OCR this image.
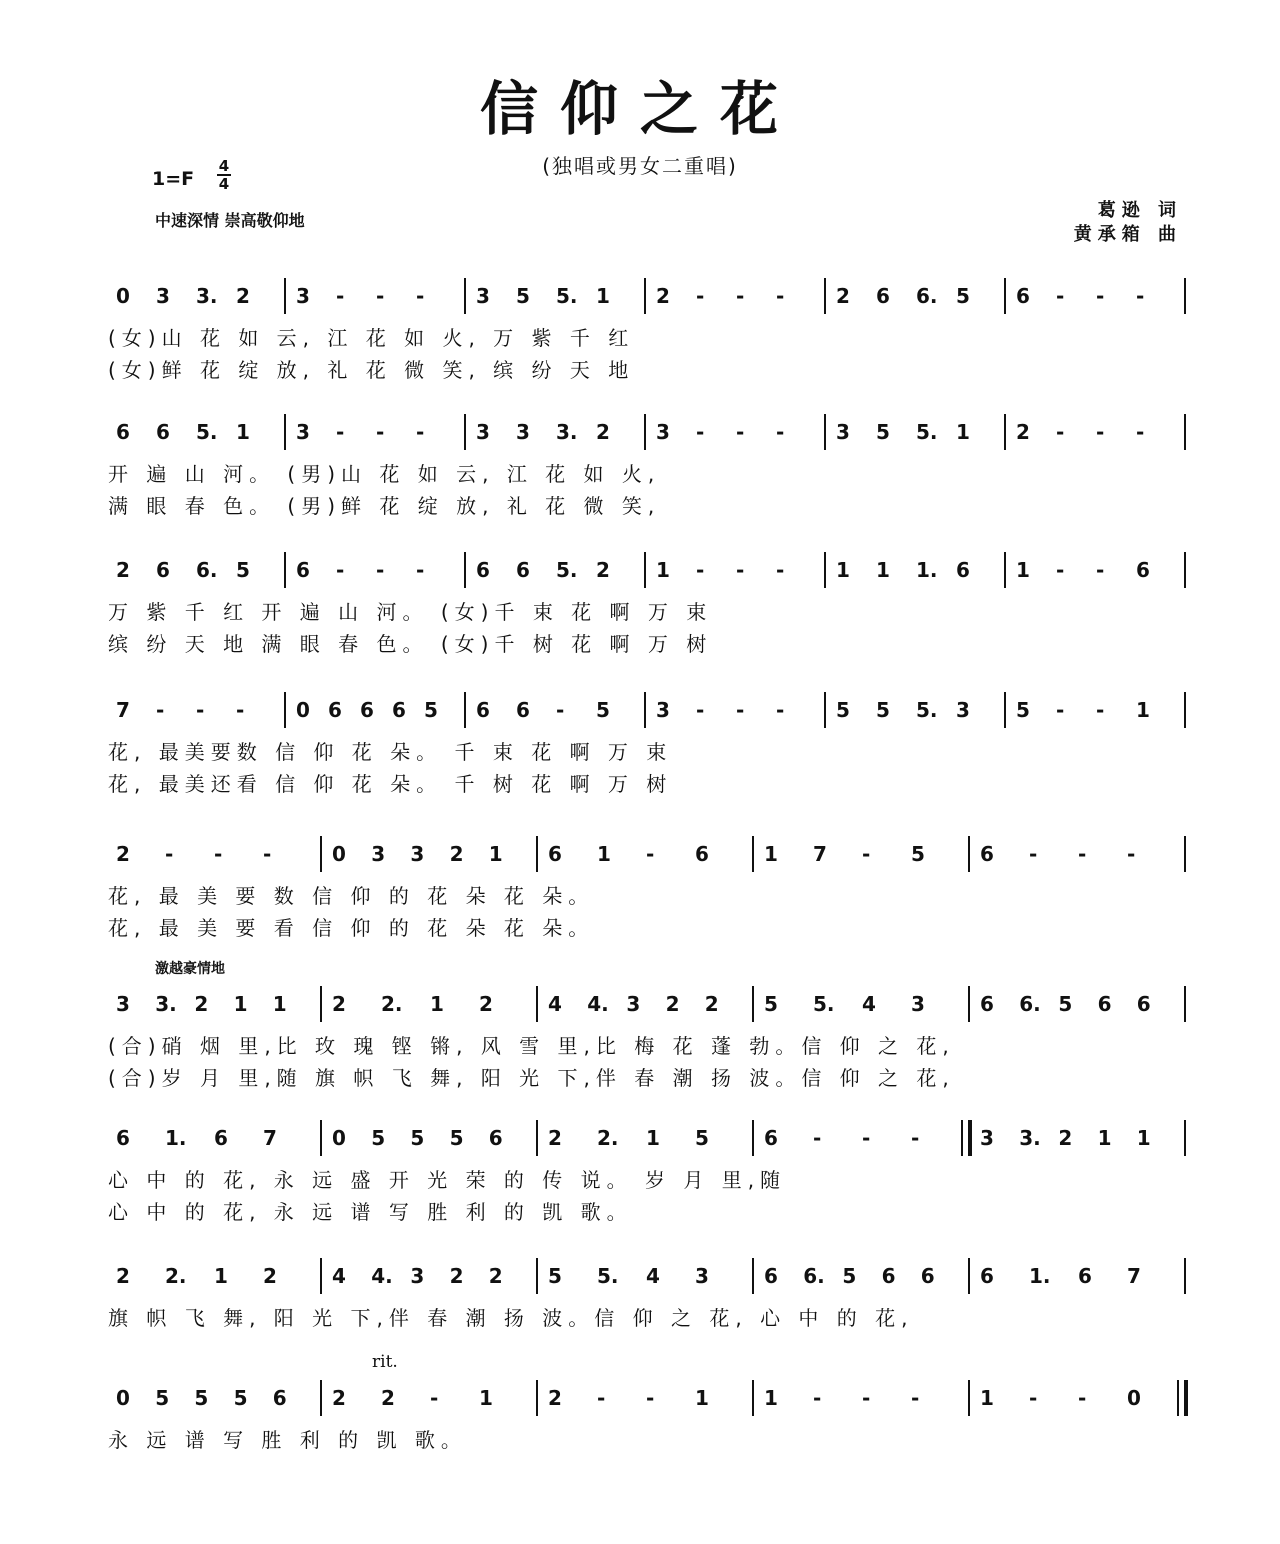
信仰之花
(独唱或男女二重唱)
1=F
4
4
中速深情 崇高敬仰地	葛逊 词
黄承箱 曲
0 3 3. 2 3 - - -	3 5 5. 1 2 - - -	2 6 6. 5 6 - - -
(女)山 花 如 云, 江 花 如 火, 万 紫 千 红
(女)鲜 花 绽 放, 礼 花 微 笑, 缤 纷 天 地
6 6 5. 1 3 - - -	3 3 3. 2 3 - - -	3 5 5. 1 2 - - -
开 遍 山 河。 (男)山 花 如 云, 江 花 如 火,
满 眼 春 色。 (男)鲜 花 绽 放, 礼 花 微 笑,
2 6 6. 5 6 - - -	6 6 5. 2 1 - - -	1 1 1. 6 1 - - 6
万 紫 千 红 开 遍 山 河。 (女)千 束 花 啊 万 束
缤 纷 天 地 满 眼 春 色。 (女)千 树 花 啊 万 树
7 - - -	0 6 6 6 5 6 6 - 5 3 - - -	5 5 5. 3 5 - - 1
花, 最美要数 信 仰 花 朵。 千 束 花 啊 万 束
花, 最美还看 信 仰 花 朵。 千 树 花 啊 万 树
2 - - -	0 3 3 2 1 6 1 - 6	1 7 - 5	6 - - -
花, 最 美 要 数 信 仰 的 花 朵 花 朵。
花, 最 美 要 看 信 仰 的 花 朵 花 朵。
3 3. 2 1 1 2 2. 1 2	4 4. 3 2 2 5 5. 4 3	6 6. 5 6 6
(合)硝 烟 里,比 玫 瑰 铿 锵, 风 雪 里,比 梅 花 蓬 勃。信 仰 之 花,
(合)岁 月 里,随 旗 帜 飞 舞, 阳 光 下,伴 春 潮 扬 波。信 仰 之 花,
6 1. 6 7	0 5 5 5 6 2 2. 1 5	6 - - -	3 3. 2 1 1
心 中 的 花, 永 远 盛 开 光 荣 的 传 说。 岁 月 里,随
心 中 的 花, 永 远 谱 写 胜 利 的 凯 歌。
2 2. 1 2	4 4. 3 2 2 5 5. 4 3	6 6. 5 6 6 6 1. 6 7
旗 帜 飞 舞, 阳 光 下,伴 春 潮 扬 波。信 仰 之 花, 心 中 的 花,
0 5 5 5 6 2 2 - 1	2 - - 1	1 - - -	1 - - 0
永 远 谱 写 胜 利 的 凯 歌。
激越豪情地
rit.
